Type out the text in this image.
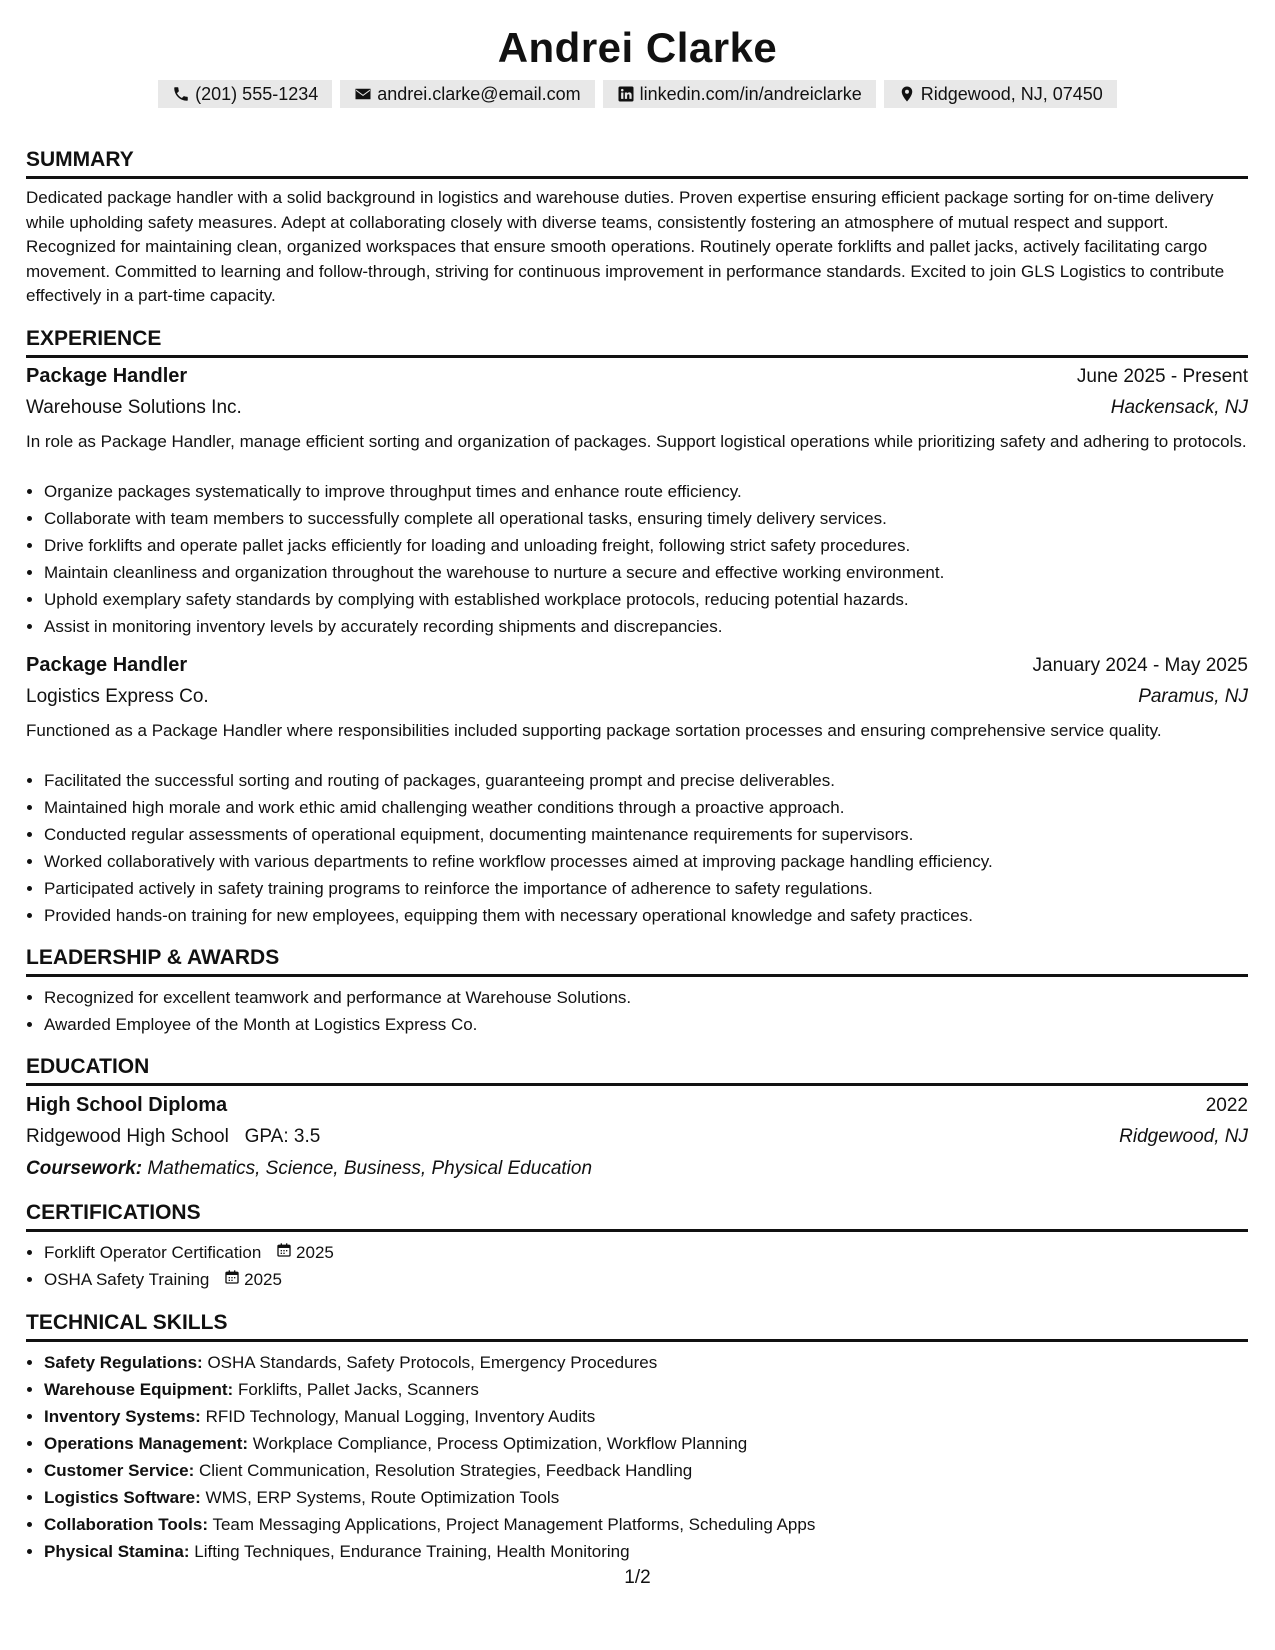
Andrei Clarke
(201) 555-1234	andrei.clarke@email.com	linkedin.com/in/andreiclarke	Ridgewood, NJ, 07450
SUMMARY
Dedicated package handler with a solid background in logistics and warehouse duties. Proven expertise ensuring efficient package sorting for on-time delivery while upholding safety measures. Adept at collaborating closely with diverse teams, consistently fostering an atmosphere of mutual respect and support. Recognized for maintaining clean, organized workspaces that ensure smooth operations. Routinely operate forklifts and pallet jacks, actively facilitating cargo movement. Committed to learning and follow-through, striving for continuous improvement in performance standards. Excited to join GLS Logistics to contribute effectively in a part-time capacity.
EXPERIENCE
Package Handler	June 2025 - Present
Warehouse Solutions Inc.	Hackensack, NJ
In role as Package Handler, manage efficient sorting and organization of packages. Support logistical operations while prioritizing safety and adhering to protocols.
• Organize packages systematically to improve throughput times and enhance route efficiency.
• Collaborate with team members to successfully complete all operational tasks, ensuring timely delivery services.
• Drive forklifts and operate pallet jacks efficiently for loading and unloading freight, following strict safety procedures.
• Maintain cleanliness and organization throughout the warehouse to nurture a secure and effective working environment.
• Uphold exemplary safety standards by complying with established workplace protocols, reducing potential hazards.
• Assist in monitoring inventory levels by accurately recording shipments and discrepancies.
Package Handler	January 2024 - May 2025
Logistics Express Co.	Paramus, NJ
Functioned as a Package Handler where responsibilities included supporting package sortation processes and ensuring comprehensive service quality.
• Facilitated the successful sorting and routing of packages, guaranteeing prompt and precise deliverables.
• Maintained high morale and work ethic amid challenging weather conditions through a proactive approach.
• Conducted regular assessments of operational equipment, documenting maintenance requirements for supervisors.
• Worked collaboratively with various departments to refine workflow processes aimed at improving package handling efficiency.
• Participated actively in safety training programs to reinforce the importance of adherence to safety regulations.
• Provided hands-on training for new employees, equipping them with necessary operational knowledge and safety practices.
LEADERSHIP & AWARDS
• Recognized for excellent teamwork and performance at Warehouse Solutions.
• Awarded Employee of the Month at Logistics Express Co.
EDUCATION
High School Diploma	2022
Ridgewood High School GPA: 3.5	Ridgewood, NJ
Coursework: Mathematics, Science, Business, Physical Education
CERTIFICATIONS
• Forklift Operator Certification 2025
• OSHA Safety Training 2025
TECHNICAL SKILLS
• Safety Regulations: OSHA Standards, Safety Protocols, Emergency Procedures
• Warehouse Equipment: Forklifts, Pallet Jacks, Scanners
• Inventory Systems: RFID Technology, Manual Logging, Inventory Audits
• Operations Management: Workplace Compliance, Process Optimization, Workflow Planning
• Customer Service: Client Communication, Resolution Strategies, Feedback Handling
• Logistics Software: WMS, ERP Systems, Route Optimization Tools
• Collaboration Tools: Team Messaging Applications, Project Management Platforms, Scheduling Apps
• Physical Stamina: Lifting Techniques, Endurance Training, Health Monitoring
1/2
